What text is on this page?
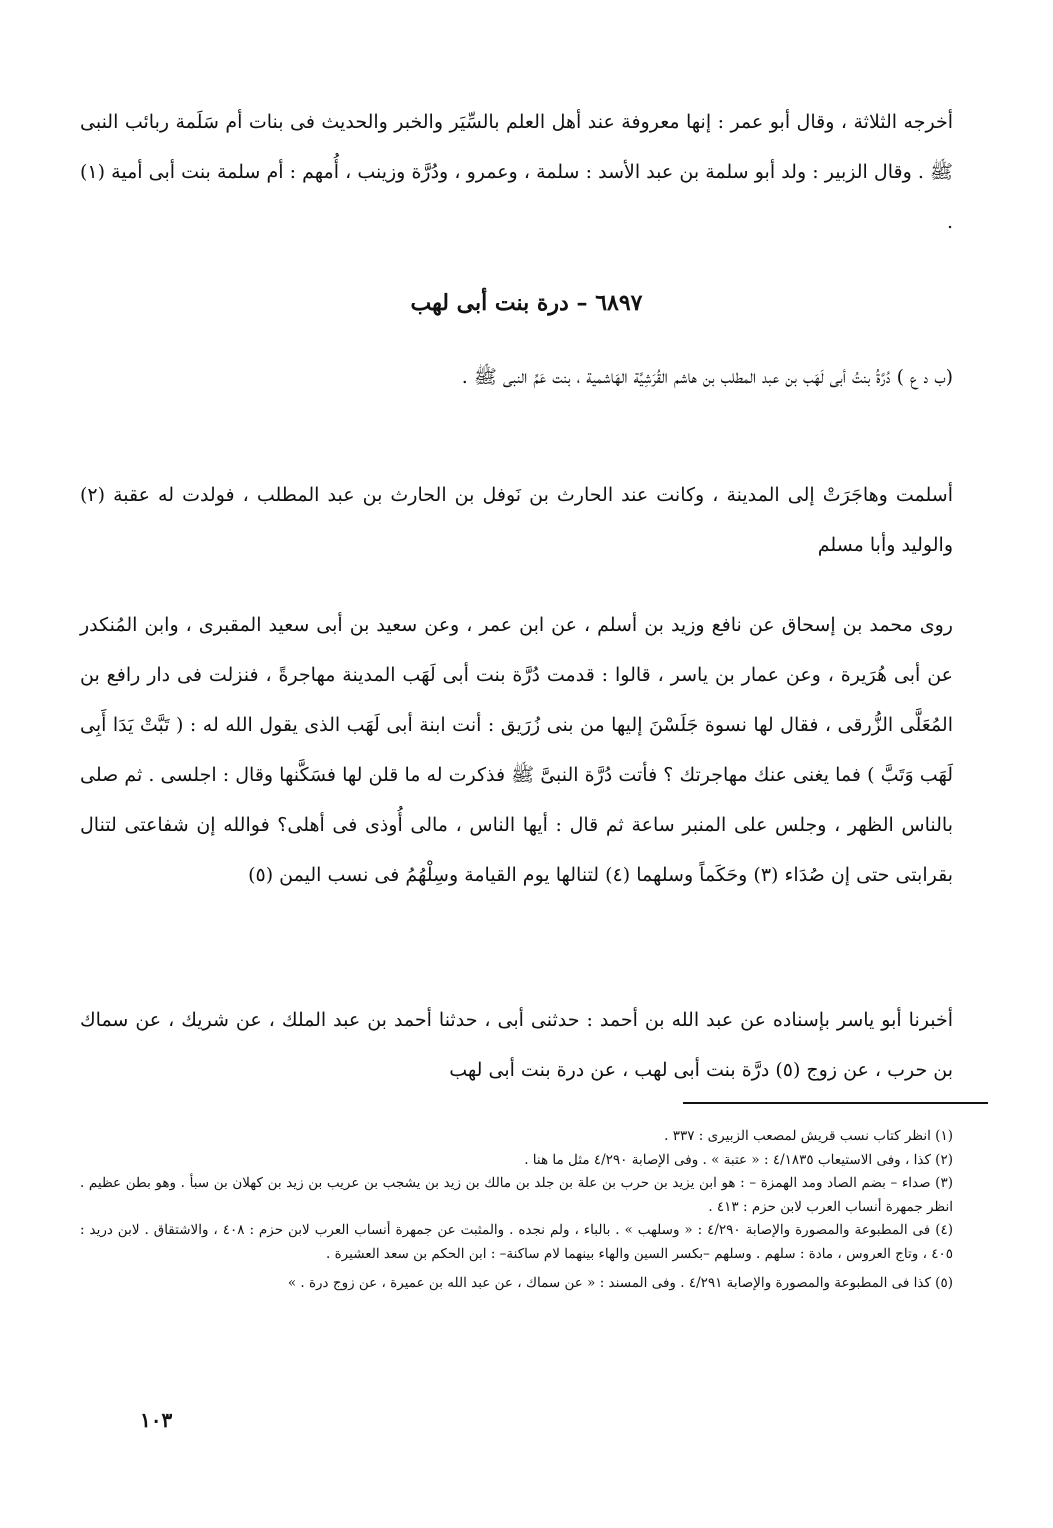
أخرجه الثلاثة ، وقال أبو عمر : إنها معروفة عند أهل العلم بالسِّيَر والخبر والحديث فى بنات أم سَلَمة ربائب النبى ﷺ . وقال الزبير : ولد أبو سلمة بن عبد الأسد : سلمة ، وعمرو ، ودُرَّة وزينب ، أُمهم : أم سلمة بنت أبى أمية (١) .

٦٨٩٧ – درة بنت أبى لهب

(ب د ع ) دُرَّةُ بنتُ أبى لَهَب بن عبد المطلب بن هاشم القُرَشِيَّة الهَاشمية ، بنت عَمِّ النبى ﷺ .

أسلمت وهاجَرَتْ إلى المدينة ، وكانت عند الحارث بن نَوفل بن الحارث بن عبد المطلب ، فولدت له عقبة (٢) والوليد وأبا مسلم

روى محمد بن إسحاق عن نافع وزيد بن أسلم ، عن ابن عمر ، وعن سعيد بن أبى سعيد المقبرى ، وابن المُنكدر عن أبى هُرَيرة ، وعن عمار بن ياسر ، قالوا : قدمت دُرَّة بنت أبى لَهَب المدينة مهاجرةً ، فنزلت فى دار رافع بن المُعَلَّى الزُّرقى ، فقال لها نسوة جَلَسْنَ إليها من بنى زُرَيق : أنت ابنة أبى لَهَب الذى يقول الله له : ( تَبَّتْ يَدَا أَبِى لَهَب وَتَبَّ ) فما يغنى عنك مهاجرتك ؟ فأتت دُرَّة النبىَّ ﷺ فذكرت له ما قلن لها فسَكَّنها وقال : اجلسى . ثم صلى بالناس الظهر ، وجلس على المنبر ساعة ثم قال : أيها الناس ، مالى أُوذى فى أهلى؟ فوالله إن شفاعتى لتنال بقرابتى حتى إن صُدَاء (٣) وحَكَماً وسلهما (٤) لتنالها يوم القيامة وسِلْهُمُ فى نسب اليمن (٥)

أخبرنا أبو ياسر بإسناده عن عبد الله بن أحمد : حدثنى أبى ، حدثنا أحمد بن عبد الملك ، عن شريك ، عن سماك بن حرب ، عن زوج (٥) درَّة بنت أبى لهب ، عن درة بنت أبى لهب

(١) انظر كتاب نسب قريش لمصعب الزبيرى : ٣٣٧ .

(٢) كذا ، وفى الاستيعاب ٤/١٨٣٥ : « عتبة » . وفى الإصابة ٤/٢٩٠ مثل ما هنا .

(٣) صداء – بضم الصاد ومد الهمزة – : هو ابن يزيد بن حرب بن علة بن جلد بن مالك بن زيد بن يشجب بن عريب بن زيد بن كهلان بن سبأ . وهو بطن عظيم . انظر جمهرة أنساب العرب لابن حزم : ٤١٣ .

(٤) فى المطبوعة والمصورة والإصابة ٤/٢٩٠ : « وسلهب » . بالباء ، ولم نجده . والمثبت عن جمهرة أنساب العرب لابن حزم : ٤٠٨ ، والاشتقاق . لابن دريد : ٤٠٥ ، وتاج العروس ، مادة : سلهم . وسلهم –بكسر السين والهاء بينهما لام ساكنة– : ابن الحكم بن سعد العشيرة .

(٥) كذا فى المطبوعة والمصورة والإصابة ٤/٢٩١ . وفى المسند : « عن سماك ، عن عبد الله بن عميرة ، عن زوج درة . »

١٠٣
